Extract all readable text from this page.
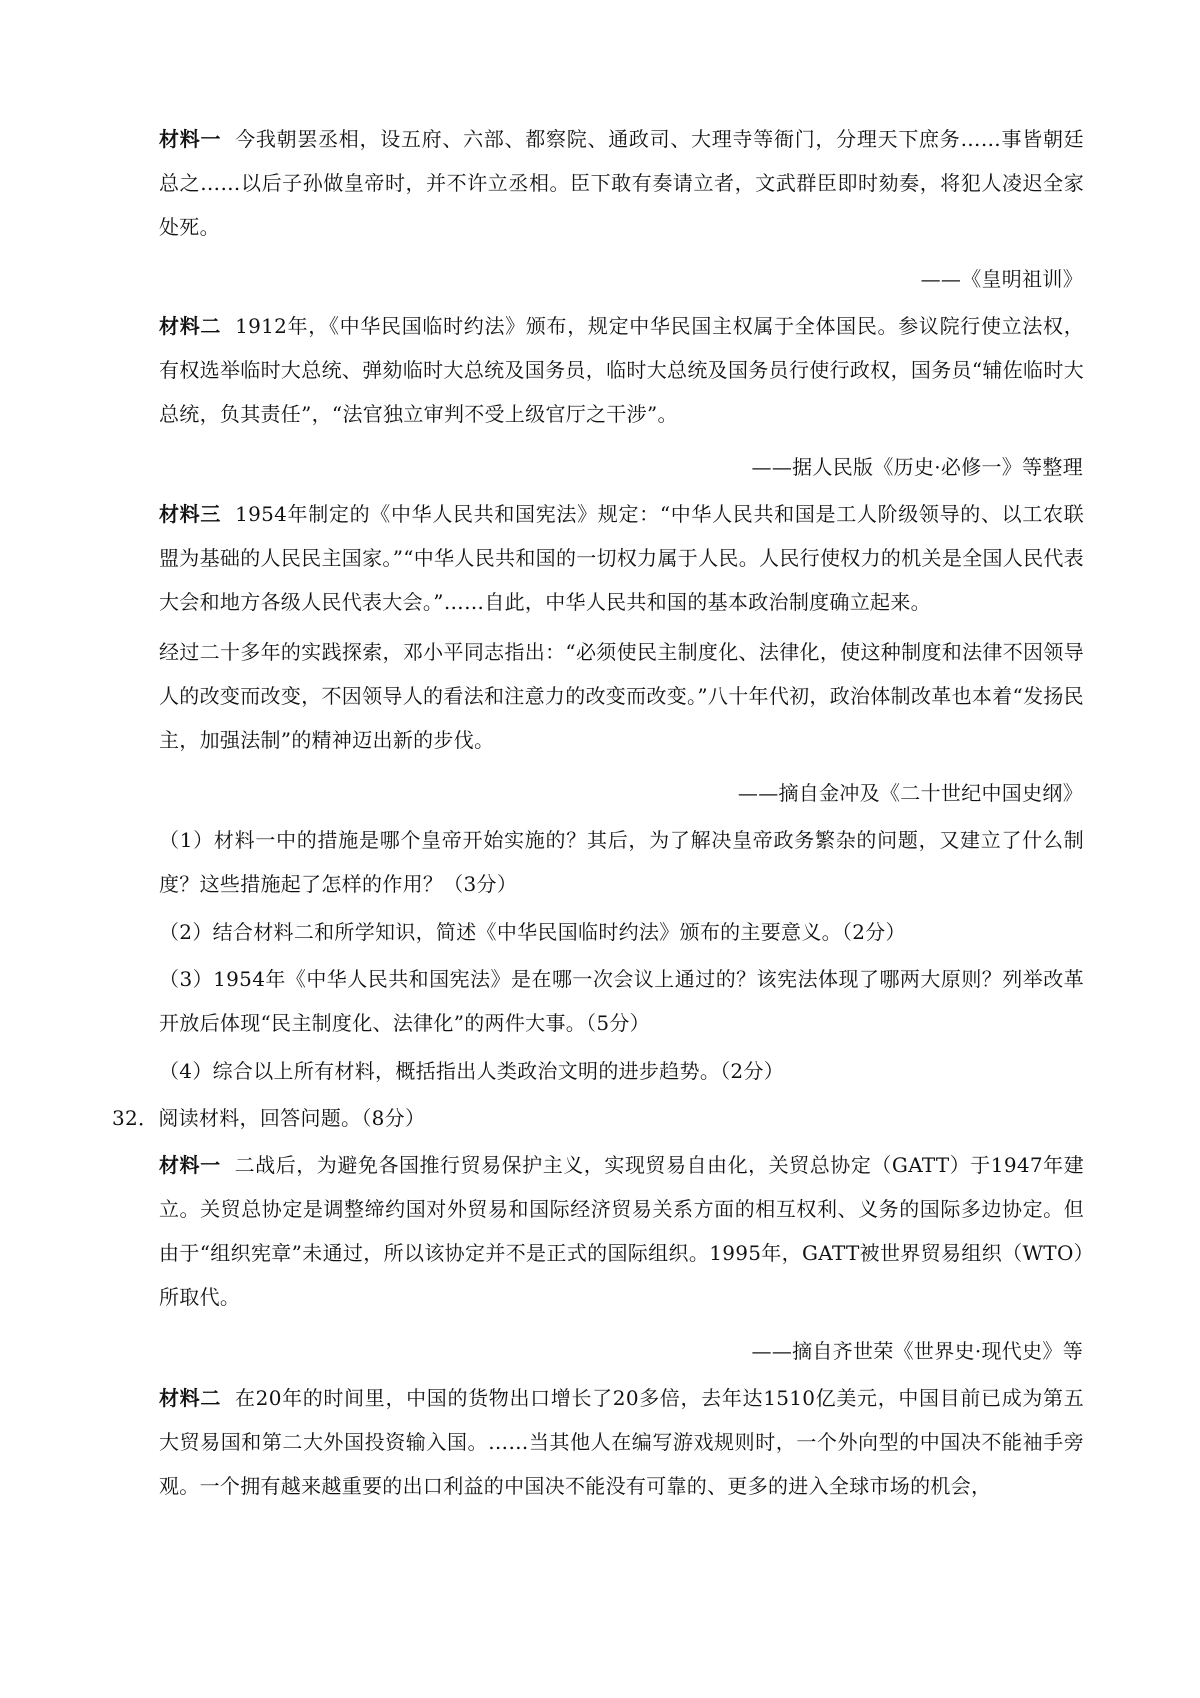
材料一 今我朝罢丞相，设五府、六部、都察院、通政司、大理寺等衙门，分理天下庶务……事皆朝廷总之……以后子孙做皇帝时，并不许立丞相。臣下敢有奏请立者，文武群臣即时劾奏，将犯人凌迟全家处死。

——《皇明祖训》

材料二 1912年，《中华民国临时约法》颁布，规定中华民国主权属于全体国民。参议院行使立法权，有权选举临时大总统、弹劾临时大总统及国务员，临时大总统及国务员行使行政权，国务员“辅佐临时大总统，负其责任”，“法官独立审判不受上级官厅之干涉”。

——据人民版《历史·必修一》等整理

材料三 1954年制定的《中华人民共和国宪法》规定：“中华人民共和国是工人阶级领导的、以工农联盟为基础的人民民主国家。”“中华人民共和国的一切权力属于人民。人民行使权力的机关是全国人民代表大会和地方各级人民代表大会。”……自此，中华人民共和国的基本政治制度确立起来。

经过二十多年的实践探索，邓小平同志指出：“必须使民主制度化、法律化，使这种制度和法律不因领导人的改变而改变，不因领导人的看法和注意力的改变而改变。”八十年代初，政治体制改革也本着“发扬民主，加强法制”的精神迈出新的步伐。

——摘自金冲及《二十世纪中国史纲》

（1）材料一中的措施是哪个皇帝开始实施的？其后，为了解决皇帝政务繁杂的问题，又建立了什么制度？这些措施起了怎样的作用？（3分）

（2）结合材料二和所学知识，简述《中华民国临时约法》颁布的主要意义。（2分）

（3）1954年《中华人民共和国宪法》是在哪一次会议上通过的？该宪法体现了哪两大原则？列举改革开放后体现“民主制度化、法律化”的两件大事。（5分）

（4）综合以上所有材料，概括指出人类政治文明的进步趋势。（2分）

32．阅读材料，回答问题。（8分）

材料一 二战后，为避免各国推行贸易保护主义，实现贸易自由化，关贸总协定（GATT）于1947年建立。关贸总协定是调整缔约国对外贸易和国际经济贸易关系方面的相互权利、义务的国际多边协定。但由于“组织宪章”未通过，所以该协定并不是正式的国际组织。1995年，GATT被世界贸易组织（WTO）所取代。

——摘自齐世荣《世界史·现代史》等

材料二 在20年的时间里，中国的货物出口增长了20多倍，去年达1510亿美元，中国目前已成为第五大贸易国和第二大外国投资输入国。……当其他人在编写游戏规则时，一个外向型的中国决不能袖手旁观。一个拥有越来越重要的出口利益的中国决不能没有可靠的、更多的进入全球市场的机会，
